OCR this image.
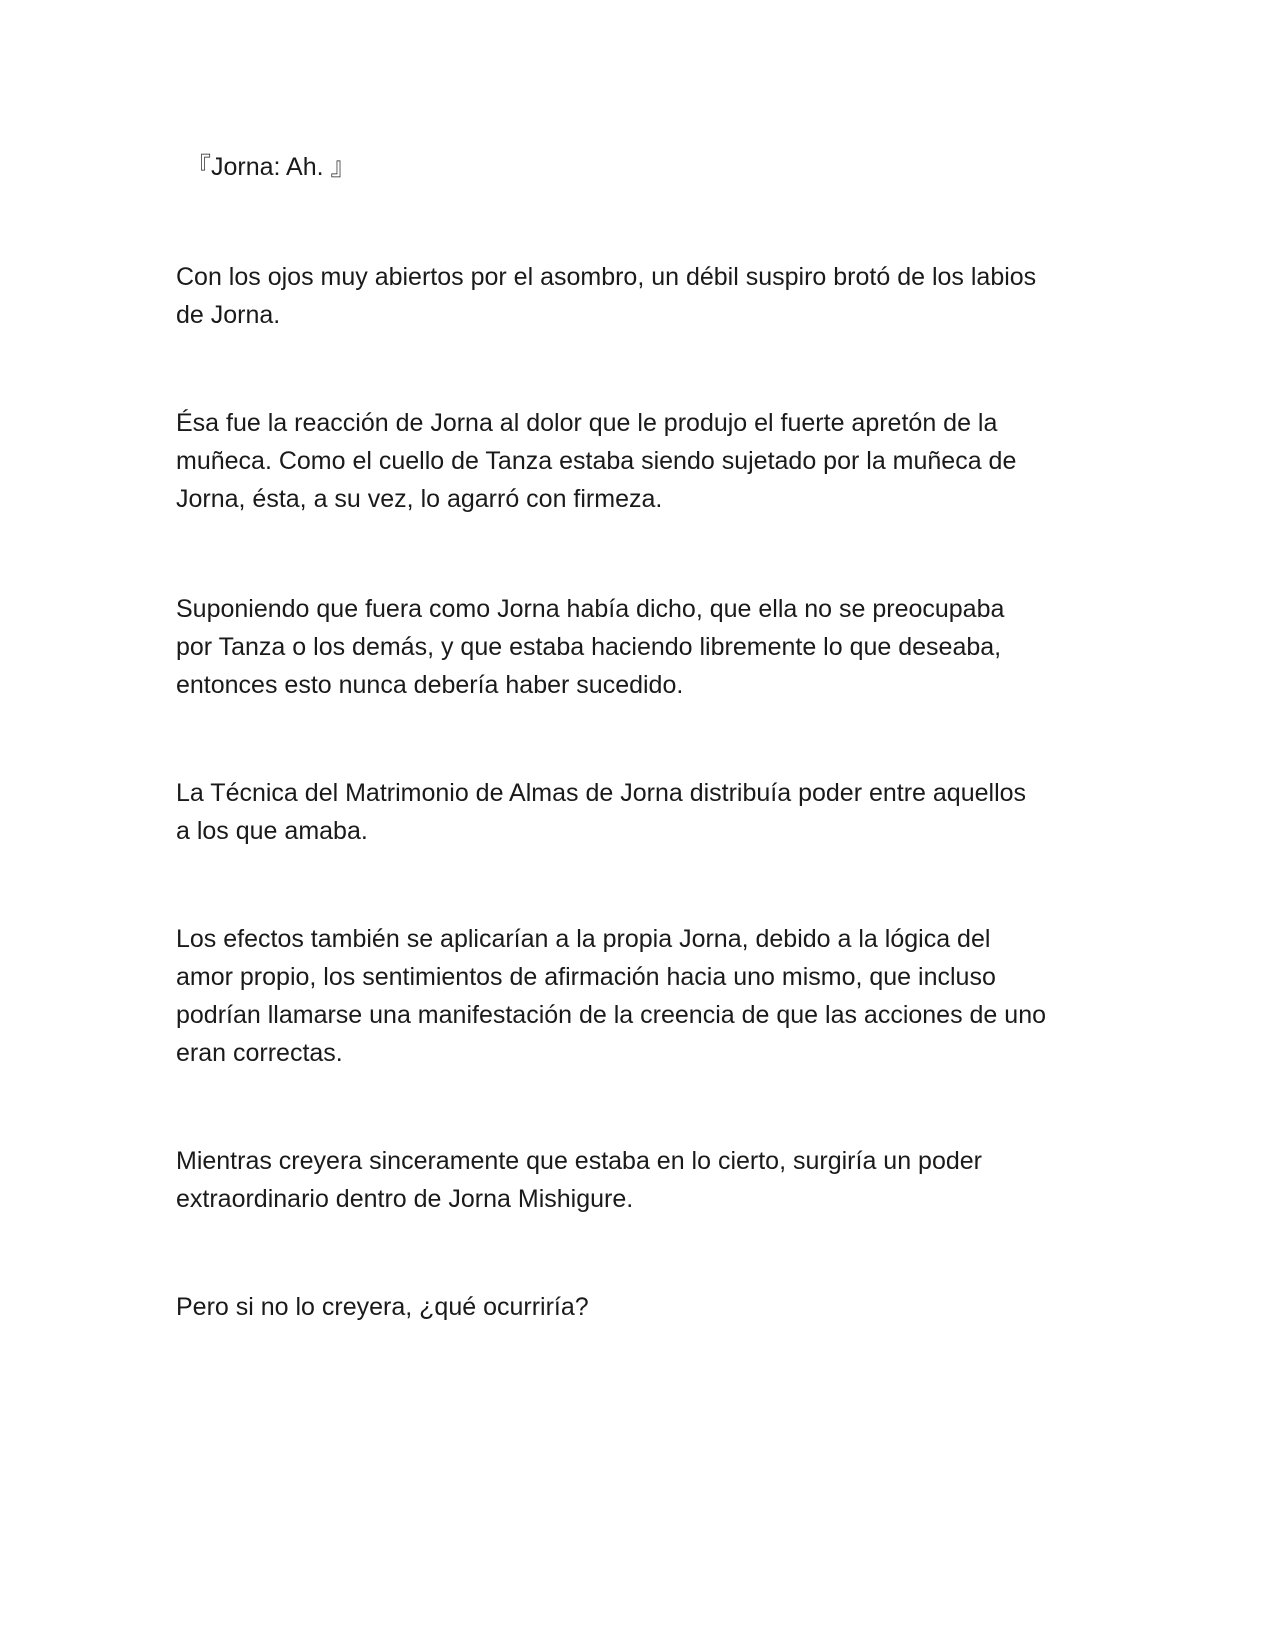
『Jorna: Ah. 』

Con los ojos muy abiertos por el asombro, un débil suspiro brotó de los labios
de Jorna.

Ésa fue la reacción de Jorna al dolor que le produjo el fuerte apretón de la
muñeca. Como el cuello de Tanza estaba siendo sujetado por la muñeca de
Jorna, ésta, a su vez, lo agarró con firmeza.

Suponiendo que fuera como Jorna había dicho, que ella no se preocupaba
por Tanza o los demás, y que estaba haciendo libremente lo que deseaba,
entonces esto nunca debería haber sucedido.

La Técnica del Matrimonio de Almas de Jorna distribuía poder entre aquellos
a los que amaba.

Los efectos también se aplicarían a la propia Jorna, debido a la lógica del
amor propio, los sentimientos de afirmación hacia uno mismo, que incluso
podrían llamarse una manifestación de la creencia de que las acciones de uno
eran correctas.

Mientras creyera sinceramente que estaba en lo cierto, surgiría un poder
extraordinario dentro de Jorna Mishigure.

Pero si no lo creyera, ¿qué ocurriría?
